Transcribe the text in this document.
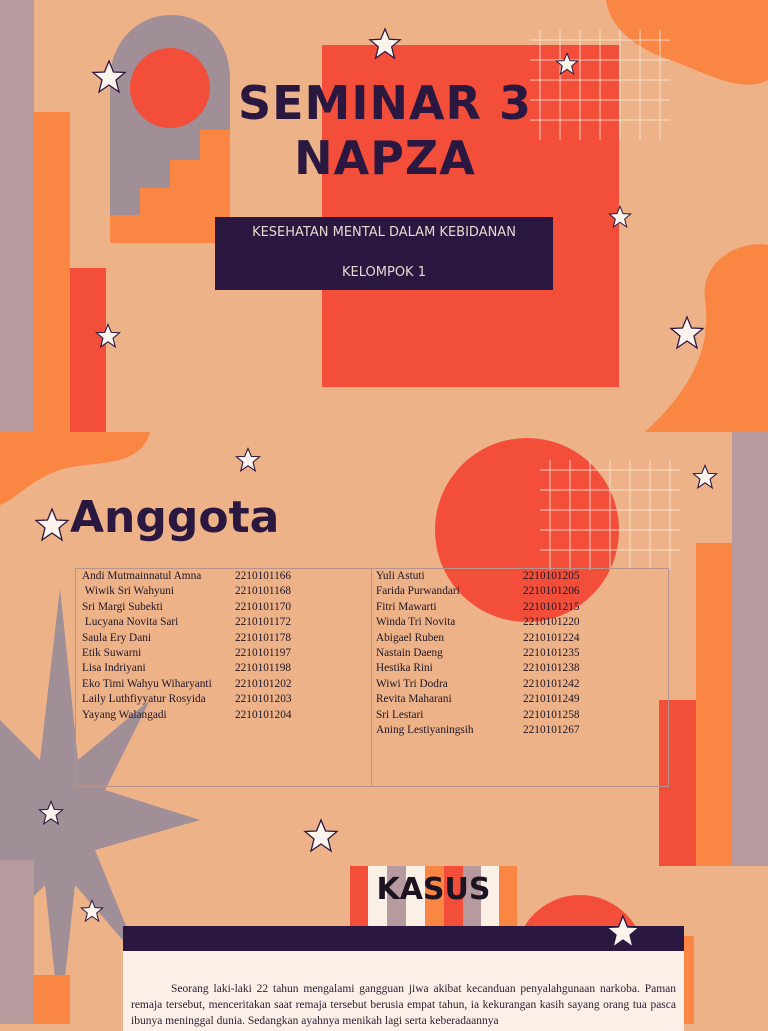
SEMINAR 3
NAPZA
KESEHATAN MENTAL DALAM KEBIDANAN
KELOMPOK 1
Anggota
Andi Mutmainnatul Amna	2210101166
Wiwik Sri Wahyuni	2210101168
Sri Margi Subekti	2210101170
Lucyana Novita Sari	2210101172
Saula Ery Dani	2210101178
Etik Suwarni	2210101197
Lisa Indriyani	2210101198
Eko Timi Wahyu Wiharyanti 2210101202
Laily Luthfiyyatur Rosyida	2210101203
Yayang Walangadi	2210101204
Yuli Astuti	2210101205
Farida Purwandari	2210101206
Fitri Mawarti	2210101215
Winda Tri Novita	2210101220
Abigael Ruben	2210101224
Nastain Daeng	2210101235
Hestika Rini	2210101238
Wiwi Tri Dodra	2210101242
Revita Maharani	2210101249
Sri Lestari	2210101258
Aning Lestiyaningsih	2210101267
KASUS
Seorang laki-laki 22 tahun mengalami gangguan jiwa akibat kecanduan penyalahgunaan narkoba. Paman remaja tersebut, menceritakan saat remaja tersebut berusia empat tahun, ia kekurangan kasih sayang orang tua pasca ibunya meninggal dunia. Sedangkan ayahnya menikah lagi serta keberadaannya
